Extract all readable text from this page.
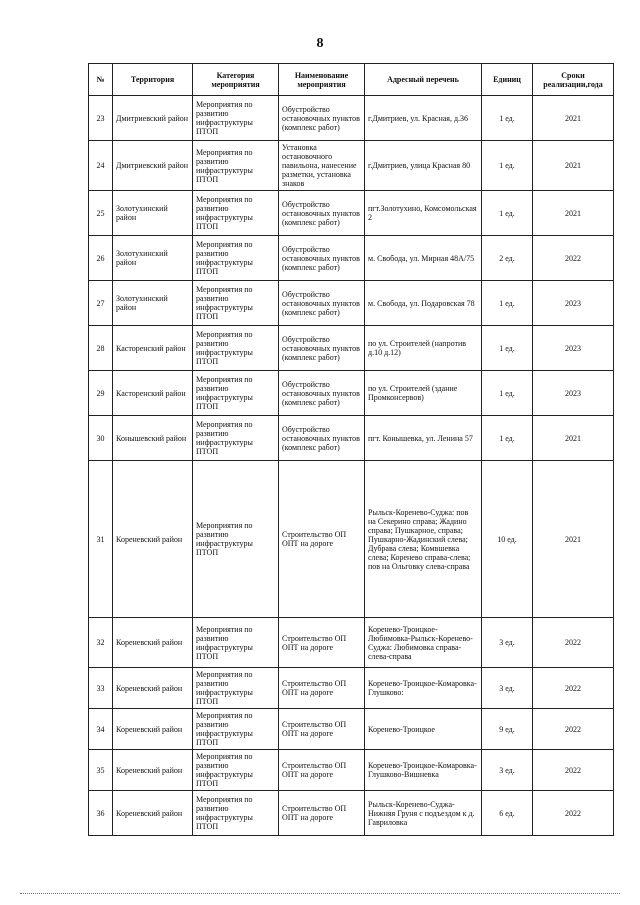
8
№	Территория	Категория мероприятия	Наименование мероприятия	Адресный перечень	Единиц	Сроки реализации,года
23	Дмитриевский район	Мероприятия по развитию инфраструктуры ПТОП	Обустройство остановочных пунктов (комплекс работ)	г.Дмитриев, ул. Красная, д.36	1 ед.	2021
24	Дмитриевский район	Мероприятия по развитию инфраструктуры ПТОП	Установка остановочного павильона, нанесение разметки, установка знаков	г.Дмитриев, улица Красная 80	1 ед.	2021
25	Золотухинский район	Мероприятия по развитию инфраструктуры ПТОП	Обустройство остановочных пунктов (комплекс работ)	пгт.Золотухино, Комсомольская 2	1 ед.	2021
26	Золотухинский район	Мероприятия по развитию инфраструктуры ПТОП	Обустройство остановочных пунктов (комплекс работ)	м. Свобода, ул. Мирная 48А/75	2 ед.	2022
27	Золотухинский район	Мероприятия по развитию инфраструктуры ПТОП	Обустройство остановочных пунктов (комплекс работ)	м. Свобода, ул. Подаровская 78	1 ед.	2023
28	Касторенский район	Мероприятия по развитию инфраструктуры ПТОП	Обустройство остановочных пунктов (комплекс работ)	по ул. Строителей (напротив д.10 д.12)	1 ед.	2023
29	Касторенский район	Мероприятия по развитию инфраструктуры ПТОП	Обустройство остановочных пунктов (комплекс работ)	по ул. Строителей (здание Промконсервов)	1 ед.	2023
30	Конышевский район	Мероприятия по развитию инфраструктуры ПТОП	Обустройство остановочных пунктов (комплекс работ)	пгт. Конышевка, ул. Ленина 57	1 ед.	2021
31	Кореневский район	Мероприятия по развитию инфраструктуры ПТОП	Строительство ОП ОПТ на дороге	Рыльск-Коренево-Суджа: пов на Секерино справа; Жадино справа; Пушкарное, справа; Пушкарно-Жадинский слева; Дубрава слева; Комвшевка слева; Коренево справа-слева; пов на Ольговку слева-справа	10 ед.	2021
32	Кореневский район	Мероприятия по развитию инфраструктуры ПТОП	Строительство ОП ОПТ на дороге	Коренево-Троицкое-Любимовка-Рыльск-Коренево-Суджа: Любимовка справа-слева-справа	3 ед.	2022
33	Кореневский район	Мероприятия по развитию инфраструктуры ПТОП	Строительство ОП ОПТ на дороге	Коренево-Троицкое-Комаровка-Глушково:	3 ед.	2022
34	Кореневский район	Мероприятия по развитию инфраструктуры ПТОП	Строительство ОП ОПТ на дороге	Коренево-Троицкое	9 ед.	2022
35	Кореневский район	Мероприятия по развитию инфраструктуры ПТОП	Строительство ОП ОПТ на дороге	Коренево-Троицкое-Комаровка-Глушково-Вишневка	3 ед.	2022
36	Кореневский район	Мероприятия по развитию инфраструктуры ПТОП	Строительство ОП ОПТ на дороге	Рыльск-Коренево-Суджа-Нижняя Груня с подъездом к д. Гавриловка	6 ед.	2022
